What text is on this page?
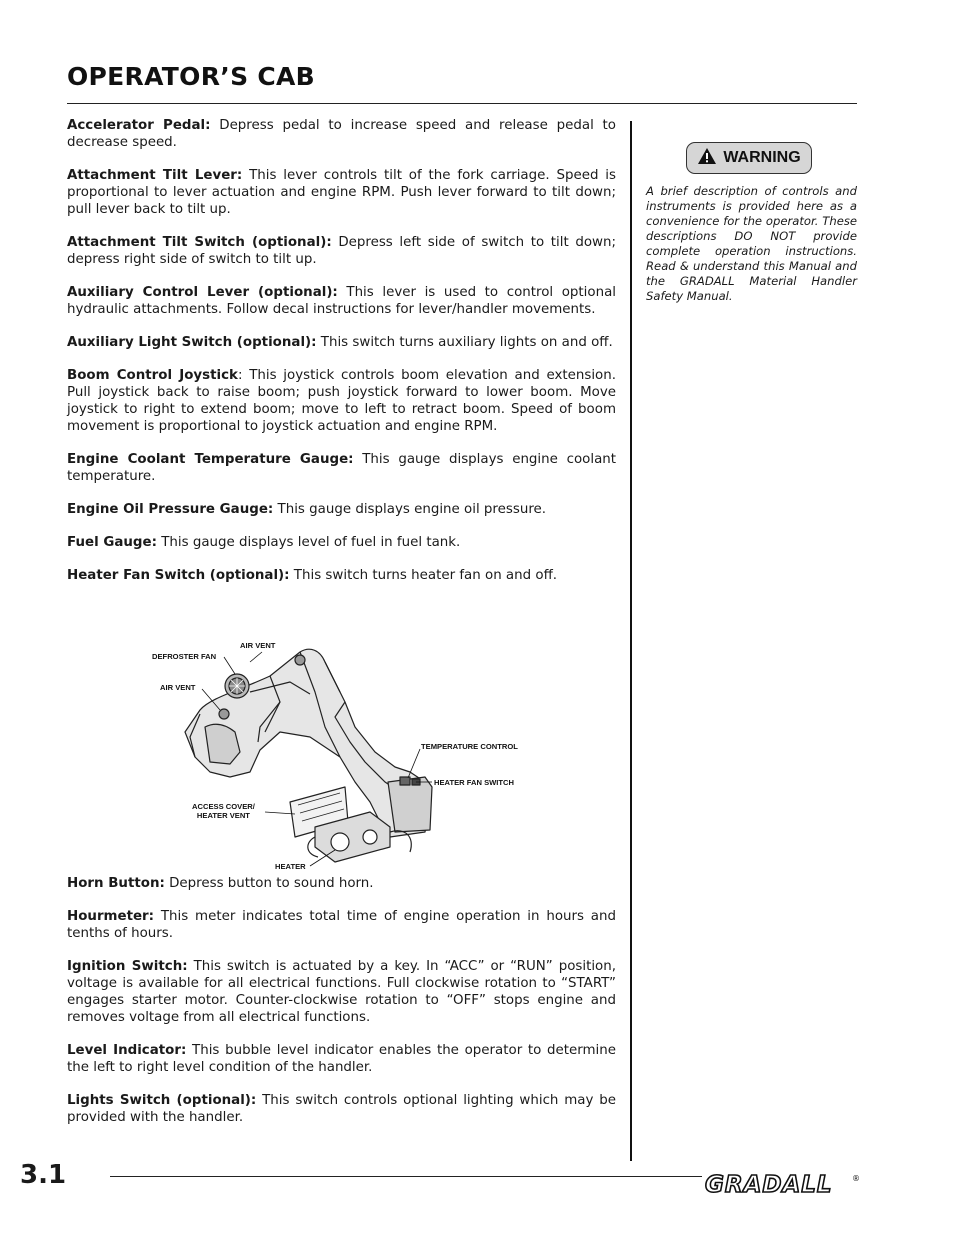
OPERATOR’S CAB

Accelerator Pedal: Depress pedal to increase speed and release pedal to decrease speed.

Attachment Tilt Lever: This lever controls tilt of the fork carriage. Speed is proportional to lever actuation and engine RPM. Push lever forward to tilt down; pull lever back to tilt up.

Attachment Tilt Switch (optional): Depress left side of switch to tilt down; depress right side of switch to tilt up.

Auxiliary Control Lever (optional): This lever is used to control optional hydraulic attachments. Follow decal instructions for lever/handler movements.

Auxiliary Light Switch (optional): This switch turns auxiliary lights on and off.

Boom Control Joystick: This joystick controls boom elevation and extension. Pull joystick back to raise boom; push joystick forward to lower boom. Move joystick to right to extend boom; move to left to retract boom. Speed of boom movement is proportional to joystick actuation and engine RPM.

Engine Coolant Temperature Gauge: This gauge displays engine coolant temperature.

Engine Oil Pressure Gauge: This gauge displays engine oil pressure.

Fuel Gauge: This gauge displays level of fuel in fuel tank.

Heater Fan Switch (optional): This switch turns heater fan on and off.

WARNING
A brief description of controls and instruments is provided here as a convenience for the operator. These descriptions DO NOT provide complete operation instructions. Read & understand this Manual and the GRADALL Material Handler Safety Manual.
AIR VENT
DEFROSTER FAN
AIR VENT
TEMPERATURE CONTROL
HEATER FAN SWITCH
ACCESS COVER/
HEATER VENT
HEATER

Horn Button: Depress button to sound horn.

Hourmeter: This meter indicates total time of engine operation in hours and tenths of hours.

Ignition Switch: This switch is actuated by a key. In “ACC” or “RUN” position, voltage is available for all electrical functions. Full clockwise rotation to “START” engages starter motor. Counter-clockwise rotation to “OFF” stops engine and removes voltage from all electrical functions.

Level Indicator: This bubble level indicator enables the operator to determine the left to right level condition of the handler.

Lights Switch (optional): This switch controls optional lighting which may be provided with the handler.

3.1	GRADALL ®
